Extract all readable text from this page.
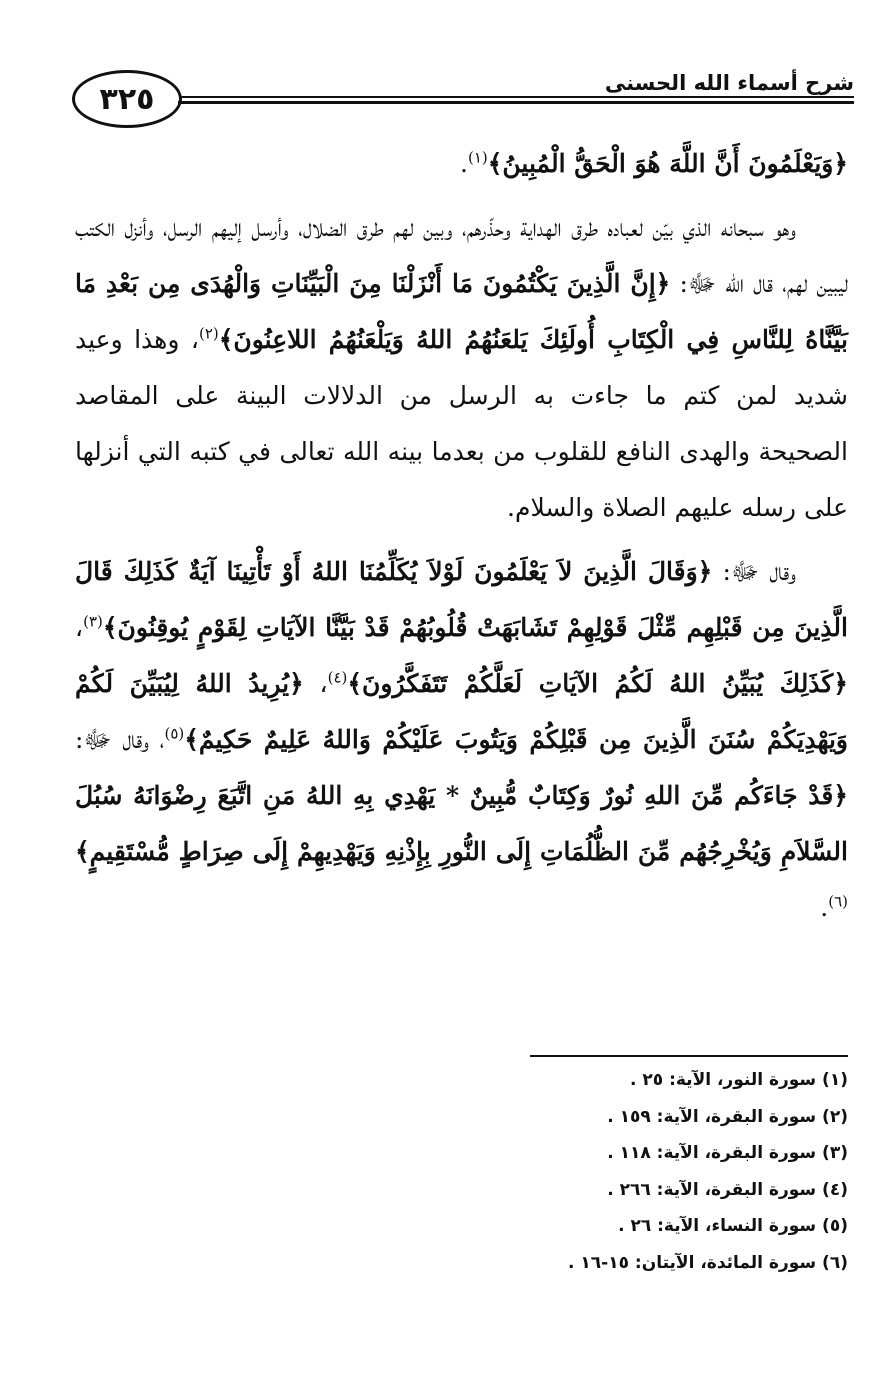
٣٢٥	شرح أسماء الله الحسنى

﴿وَيَعْلَمُونَ أَنَّ اللَّهَ هُوَ الْحَقُّ الْمُبِينُ﴾$^{(١)}$.

وهو سبحانه الذي بيّن لعباده طرق الهداية وحذّرهم، وبين لهم طرق الضلال، وأرسل إليهم الرسل، وأنزل الكتب ليبين لهم، قال الله ﷻ: ﴿إِنَّ الَّذِينَ يَكْتُمُونَ مَا أَنْزَلْنَا مِنَ الْبَيِّنَاتِ وَالْهُدَى مِن بَعْدِ مَا بَيَّنَّاهُ لِلنَّاسِ فِي الْكِتَابِ أُولَئِكَ يَلعَنُهُمُ اللهُ وَيَلْعَنُهُمُ اللاعِنُونَ﴾$^{(٢)}$، وهذا وعيد شديد لمن كتم ما جاءت به الرسل من الدلالات البينة على المقاصد الصحيحة والهدى النافع للقلوب من بعدما بينه الله تعالى في كتبه التي أنزلها على رسله عليهم الصلاة والسلام.

وقال ﷻ: ﴿وَقَالَ الَّذِينَ لاَ يَعْلَمُونَ لَوْلاَ يُكَلِّمُنَا اللهُ أَوْ تَأْتِينَا آيَةٌ كَذَلِكَ قَالَ الَّذِينَ مِن قَبْلِهِم مِّثْلَ قَوْلِهِمْ تَشَابَهَتْ قُلُوبُهُمْ قَدْ بَيَّنَّا الآيَاتِ لِقَوْمٍ يُوقِنُونَ﴾$^{(٣)}$، ﴿كَذَلِكَ يُبَيِّنُ اللهُ لَكُمُ الآيَاتِ لَعَلَّكُمْ تَتَفَكَّرُونَ﴾$^{(٤)}$، ﴿يُرِيدُ اللهُ لِيُبَيِّنَ لَكُمْ وَيَهْدِيَكُمْ سُنَنَ الَّذِينَ مِن قَبْلِكُمْ وَيَتُوبَ عَلَيْكُمْ وَاللهُ عَلِيمٌ حَكِيمٌ﴾$^{(٥)}$، وقال ﷻ: ﴿قَدْ جَاءَكُم مِّنَ اللهِ نُورٌ وَكِتَابٌ مُّبِينٌ * يَهْدِي بِهِ اللهُ مَنِ اتَّبَعَ رِضْوَانَهُ سُبُلَ السَّلاَمِ وَيُخْرِجُهُم مِّنَ الظُّلُمَاتِ إِلَى النُّورِ بِإِذْنِهِ وَيَهْدِيهِمْ إِلَى صِرَاطٍ مُّسْتَقِيمٍ﴾$^{(٦)}$.

(١) سورة النور، الآية: ٢٥ .
(٢) سورة البقرة، الآية: ١٥٩ .
(٣) سورة البقرة، الآية: ١١٨ .
(٤) سورة البقرة، الآية: ٢٦٦ .
(٥) سورة النساء، الآية: ٢٦ .
(٦) سورة المائدة، الآيتان: ١٥-١٦ .
